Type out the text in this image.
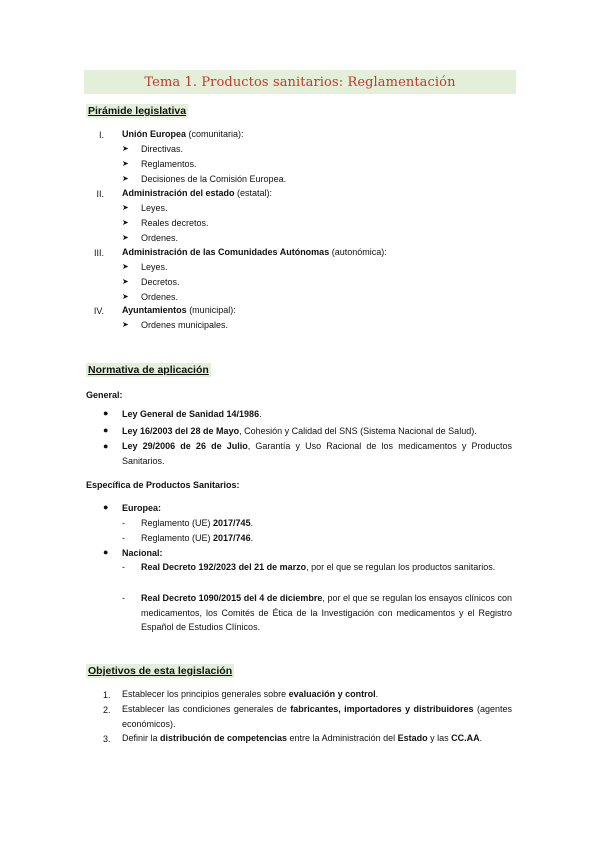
Tema 1. Productos sanitarios: Reglamentación
Pirámide legislativa
I. Unión Europea (comunitaria):
➤ Directivas.
➤ Reglamentos.
➤ Decisiones de la Comisión Europea.
II. Administración del estado (estatal):
➤ Leyes.
➤ Reales decretos.
➤ Ordenes.
III. Administración de las Comunidades Autónomas (autonómica):
➤ Leyes.
➤ Decretos.
➤ Ordenes.
IV. Ayuntamientos (municipal):
➤ Ordenes municipales.
Normativa de aplicación
General:
● Ley General de Sanidad 14/1986.
● Ley 16/2003 del 28 de Mayo, Cohesión y Calidad del SNS (Sistema Nacional de Salud).
● Ley 29/2006 de 26 de Julio, Garantía y Uso Racional de los medicamentos y Productos Sanitarios.
Específica de Productos Sanitarios:
● Europea:
- Reglamento (UE) 2017/745.
- Reglamento (UE) 2017/746.
● Nacional:
- Real Decreto 192/2023 del 21 de marzo, por el que se regulan los productos sanitarios.
- Real Decreto 1090/2015 del 4 de diciembre, por el que se regulan los ensayos clínicos con medicamentos, los Comités de Ética de la Investigación con medicamentos y el Registro Español de Estudios Clínicos.
Objetivos de esta legislación
1. Establecer los principios generales sobre evaluación y control.
2. Establecer las condiciones generales de fabricantes, importadores y distribuidores (agentes económicos).
3. Definir la distribución de competencias entre la Administración del Estado y las CC.AA.
